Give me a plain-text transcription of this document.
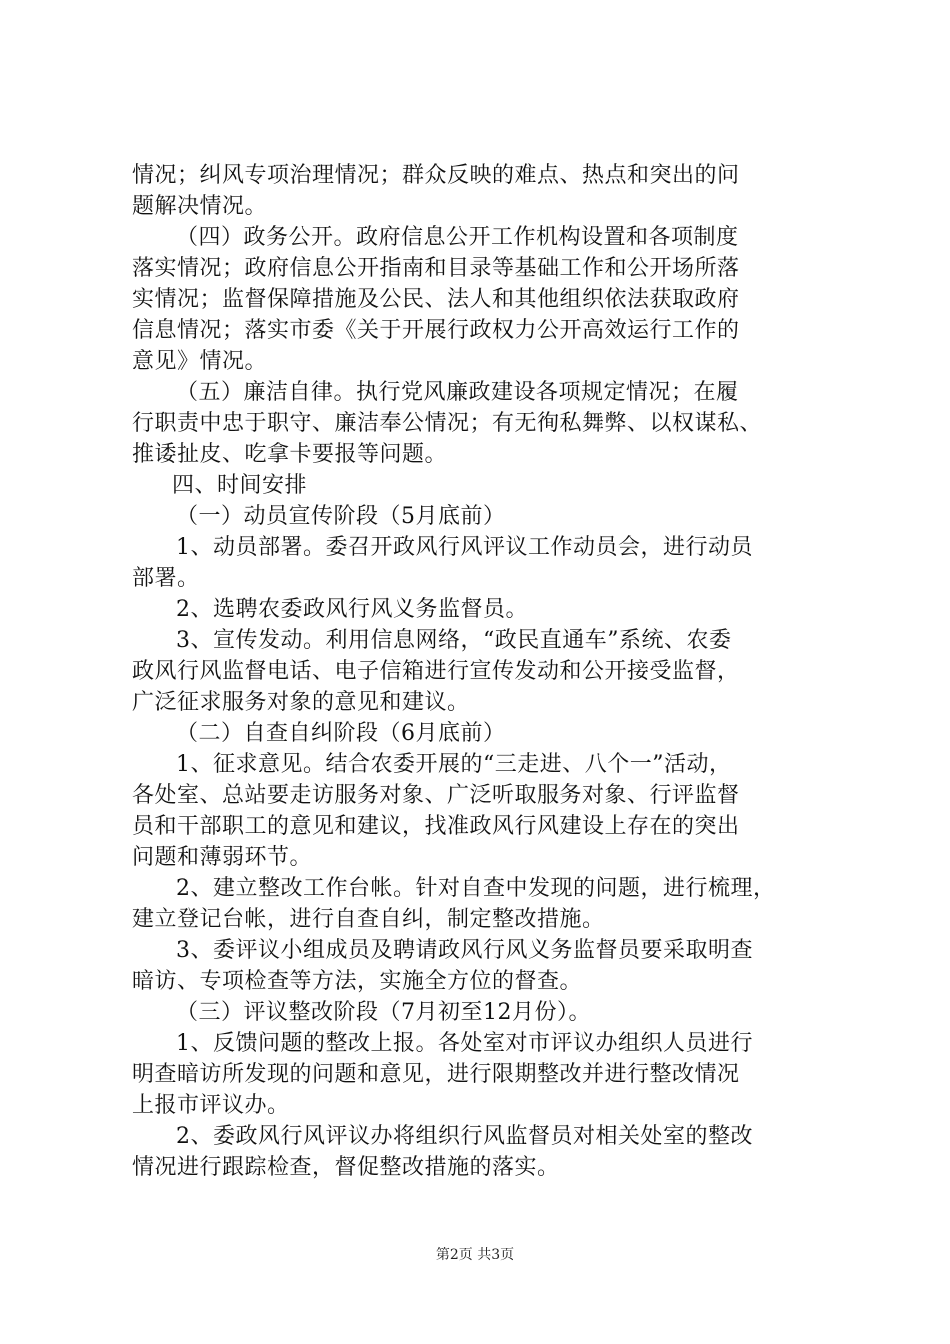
情况；纠风专项治理情况；群众反映的难点、热点和突出的问
题解决情况。
（四）政务公开。政府信息公开工作机构设置和各项制度
落实情况；政府信息公开指南和目录等基础工作和公开场所落
实情况；监督保障措施及公民、法人和其他组织依法获取政府
信息情况；落实市委《关于开展行政权力公开高效运行工作的
意见》情况。
（五）廉洁自律。执行党风廉政建设各项规定情况；在履
行职责中忠于职守、廉洁奉公情况；有无徇私舞弊、以权谋私、
推诿扯皮、吃拿卡要报等问题。
四、时间安排
（一）动员宣传阶段（5月底前）
1、动员部署。委召开政风行风评议工作动员会，进行动员
部署。
2、选聘农委政风行风义务监督员。
3、宣传发动。利用信息网络，“政民直通车”系统、农委
政风行风监督电话、电子信箱进行宣传发动和公开接受监督，
广泛征求服务对象的意见和建议。
（二）自查自纠阶段（6月底前）
1、征求意见。结合农委开展的“三走进、八个一”活动，
各处室、总站要走访服务对象、广泛听取服务对象、行评监督
员和干部职工的意见和建议，找准政风行风建设上存在的突出
问题和薄弱环节。
2、建立整改工作台帐。针对自查中发现的问题，进行梳理，
建立登记台帐，进行自查自纠，制定整改措施。
3、委评议小组成员及聘请政风行风义务监督员要采取明查
暗访、专项检查等方法，实施全方位的督查。
（三）评议整改阶段（7月初至12月份）。
1、反馈问题的整改上报。各处室对市评议办组织人员进行
明查暗访所发现的问题和意见，进行限期整改并进行整改情况
上报市评议办。
2、委政风行风评议办将组织行风监督员对相关处室的整改
情况进行跟踪检查，督促整改措施的落实。
第2页 共3页
